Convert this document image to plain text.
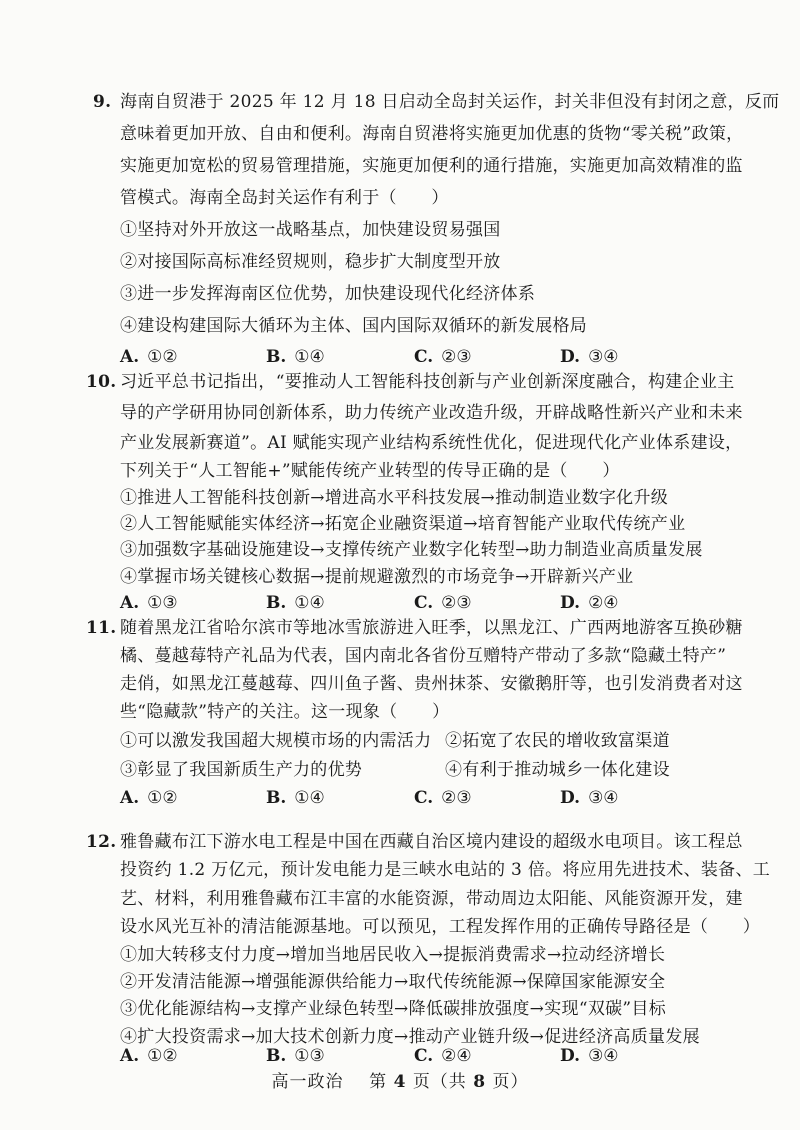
9. 海南自贸港于 2025 年 12 月 18 日启动全岛封关运作，封关非但没有封闭之意，反而
意味着更加开放、自由和便利。海南自贸港将实施更加优惠的货物“零关税”政策，
实施更加宽松的贸易管理措施，实施更加便利的通行措施，实施更加高效精准的监
管模式。海南全岛封关运作有利于（　　）
①坚持对外开放这一战略基点，加快建设贸易强国
②对接国际高标准经贸规则，稳步扩大制度型开放
③进一步发挥海南区位优势，加快建设现代化经济体系
④建设构建国际大循环为主体、国内国际双循环的新发展格局
A. ①②	B. ①④	C. ②③	D. ③④
10. 习近平总书记指出，“要推动人工智能科技创新与产业创新深度融合，构建企业主
导的产学研用协同创新体系，助力传统产业改造升级，开辟战略性新兴产业和未来
产业发展新赛道”。AI 赋能实现产业结构系统性优化，促进现代化产业体系建设，
下列关于“人工智能+”赋能传统产业转型的传导正确的是（　　）
①推进人工智能科技创新→增进高水平科技发展→推动制造业数字化升级
②人工智能赋能实体经济→拓宽企业融资渠道→培育智能产业取代传统产业
③加强数字基础设施建设→支撑传统产业数字化转型→助力制造业高质量发展
④掌握市场关键核心数据→提前规避激烈的市场竞争→开辟新兴产业
A. ①③	B. ①④	C. ②③	D. ②④
11. 随着黑龙江省哈尔滨市等地冰雪旅游进入旺季，以黑龙江、广西两地游客互换砂糖
橘、蔓越莓特产礼品为代表，国内南北各省份互赠特产带动了多款“隐藏土特产”
走俏，如黑龙江蔓越莓、四川鱼子酱、贵州抹茶、安徽鹅肝等，也引发消费者对这
些“隐藏款”特产的关注。这一现象（　　）
①可以激发我国超大规模市场的内需活力 ②拓宽了农民的增收致富渠道
③彰显了我国新质生产力的优势	④有利于推动城乡一体化建设
A. ①②	B. ①④	C. ②③	D. ③④
12. 雅鲁藏布江下游水电工程是中国在西藏自治区境内建设的超级水电项目。该工程总
投资约 1.2 万亿元，预计发电能力是三峡水电站的 3 倍。将应用先进技术、装备、工
艺、材料，利用雅鲁藏布江丰富的水能资源，带动周边太阳能、风能资源开发，建
设水风光互补的清洁能源基地。可以预见，工程发挥作用的正确传导路径是（　　）
①加大转移支付力度→增加当地居民收入→提振消费需求→拉动经济增长
②开发清洁能源→增强能源供给能力→取代传统能源→保障国家能源安全
③优化能源结构→支撑产业绿色转型→降低碳排放强度→实现“双碳”目标
④扩大投资需求→加大技术创新力度→推动产业链升级→促进经济高质量发展
A. ①②	B. ①③	C. ②④	D. ③④
高一政治 第 4 页（共 8 页）
